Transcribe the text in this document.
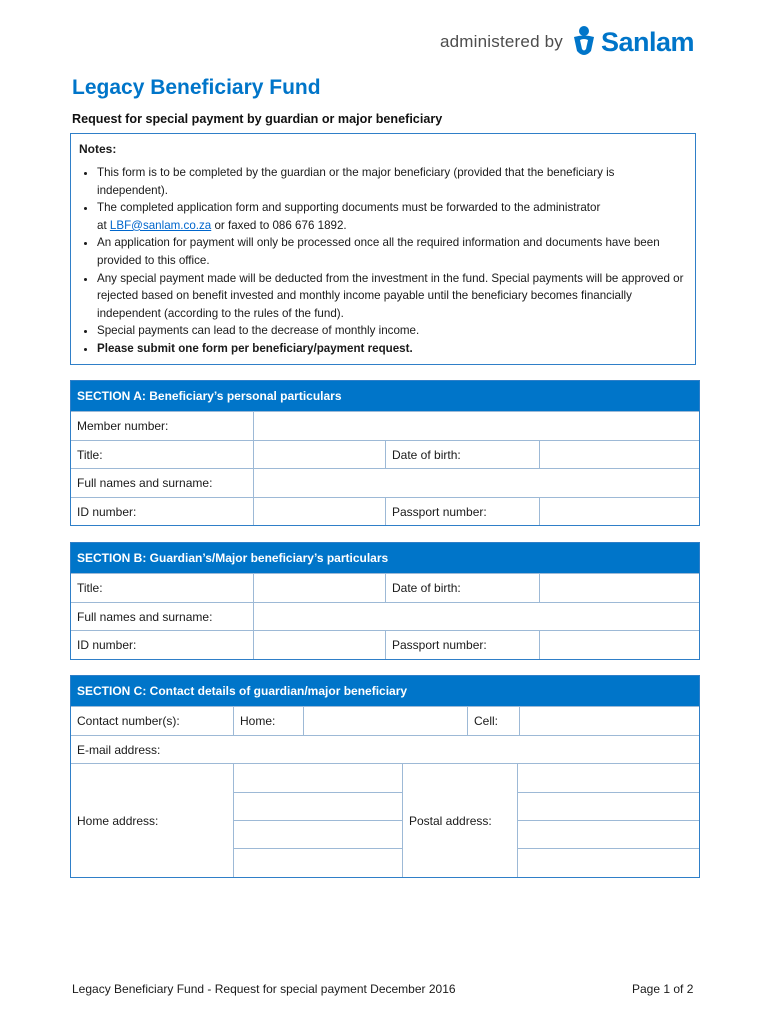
administered by Sanlam
Legacy Beneficiary Fund
Request for special payment by guardian or major beneficiary
Notes:
• This form is to be completed by the guardian or the major beneficiary (provided that the beneficiary is independent).
• The completed application form and supporting documents must be forwarded to the administrator
at LBF@sanlam.co.za or faxed to 086 676 1892.
• An application for payment will only be processed once all the required information and documents have been provided to this office.
• Any special payment made will be deducted from the investment in the fund. Special payments will be approved or rejected based on benefit invested and monthly income payable until the beneficiary becomes financially independent (according to the rules of the fund).
• Special payments can lead to the decrease of monthly income.
• Please submit one form per beneficiary/payment request.
SECTION A: Beneficiary’s personal particulars
Member number:
Title:	Date of birth:
Full names and surname:
ID number:	Passport number:
SECTION B: Guardian’s/Major beneficiary’s particulars
Title:	Date of birth:
Full names and surname:
ID number:	Passport number:
SECTION C: Contact details of guardian/major beneficiary
Contact number(s):	Home:	Cell:
E-mail address:
Home address:	Postal address:
Legacy Beneficiary Fund - Request for special payment December 2016	Page 1 of 2
